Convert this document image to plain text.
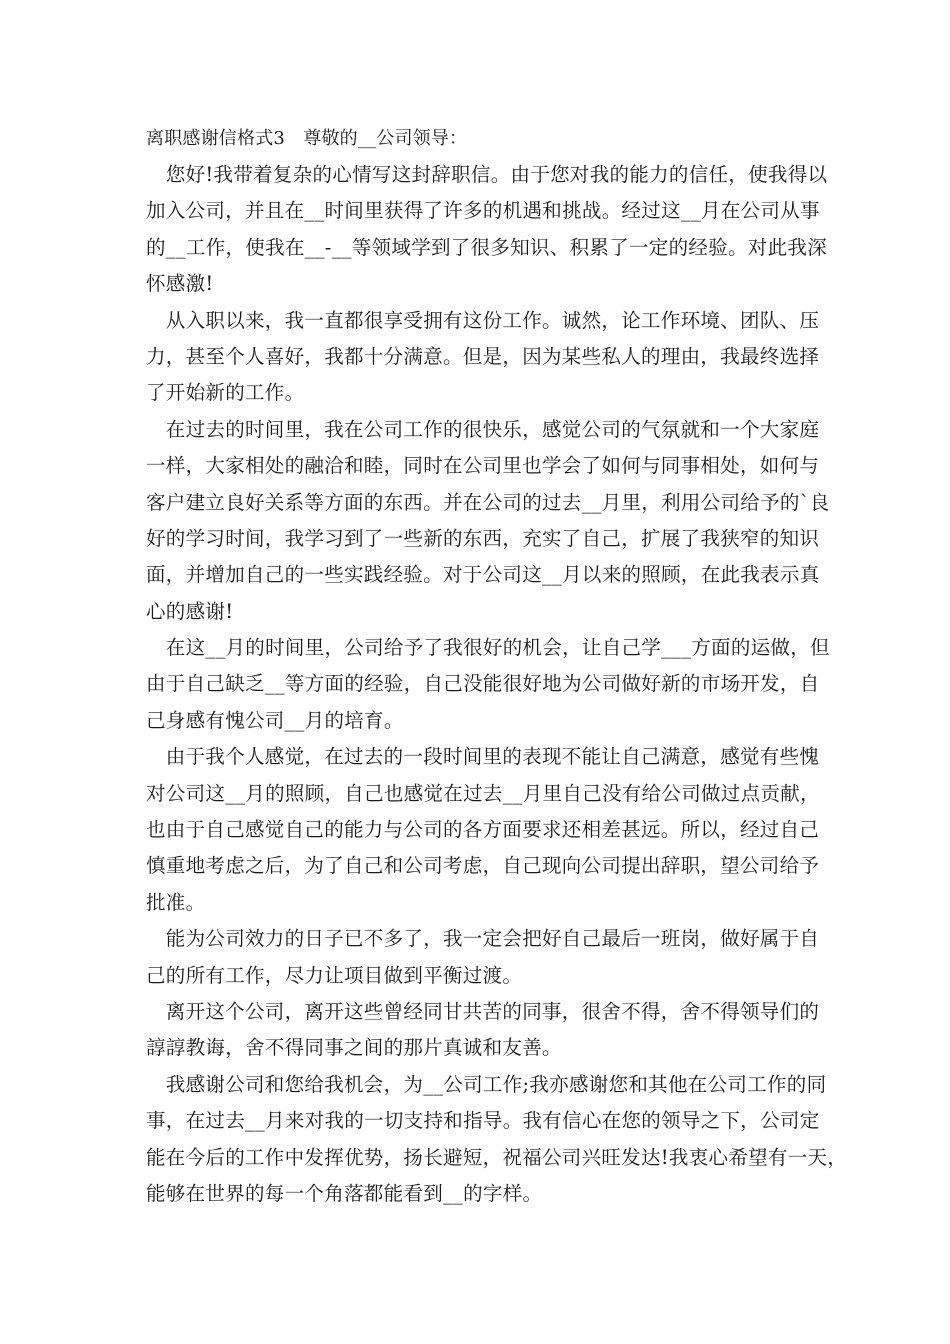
离职感谢信格式3　尊敬的__公司领导：
　您好!我带着复杂的心情写这封辞职信。由于您对我的能力的信任，使我得以
加入公司，并且在__时间里获得了许多的机遇和挑战。经过这__月在公司从事
的__工作，使我在__-__等领域学到了很多知识、积累了一定的经验。对此我深
怀感激!
　从入职以来，我一直都很享受拥有这份工作。诚然，论工作环境、团队、压
力，甚至个人喜好，我都十分满意。但是，因为某些私人的理由，我最终选择
了开始新的工作。
　在过去的时间里，我在公司工作的很快乐，感觉公司的气氛就和一个大家庭
一样，大家相处的融洽和睦，同时在公司里也学会了如何与同事相处，如何与
客户建立良好关系等方面的东西。并在公司的过去__月里，利用公司给予的`良
好的学习时间，我学习到了一些新的东西，充实了自己，扩展了我狭窄的知识
面，并增加自己的一些实践经验。对于公司这__月以来的照顾，在此我表示真
心的感谢!
　在这__月的时间里，公司给予了我很好的机会，让自己学___方面的运做，但
由于自己缺乏__等方面的经验，自己没能很好地为公司做好新的市场开发，自
己身感有愧公司__月的培育。
　由于我个人感觉，在过去的一段时间里的表现不能让自己满意，感觉有些愧
对公司这__月的照顾，自己也感觉在过去__月里自己没有给公司做过点贡献，
也由于自己感觉自己的能力与公司的各方面要求还相差甚远。所以，经过自己
慎重地考虑之后，为了自己和公司考虑，自己现向公司提出辞职，望公司给予
批准。
　能为公司效力的日子已不多了，我一定会把好自己最后一班岗，做好属于自
己的所有工作，尽力让项目做到平衡过渡。
　离开这个公司，离开这些曾经同甘共苦的同事，很舍不得，舍不得领导们的
諄諄教诲，舍不得同事之间的那片真诚和友善。
　我感谢公司和您给我机会，为__公司工作;我亦感谢您和其他在公司工作的同
事，在过去__月来对我的一切支持和指导。我有信心在您的领导之下，公司定
能在今后的工作中发挥优势，扬长避短，祝福公司兴旺发达!我衷心希望有一天，
能够在世界的每一个角落都能看到__的字样。
